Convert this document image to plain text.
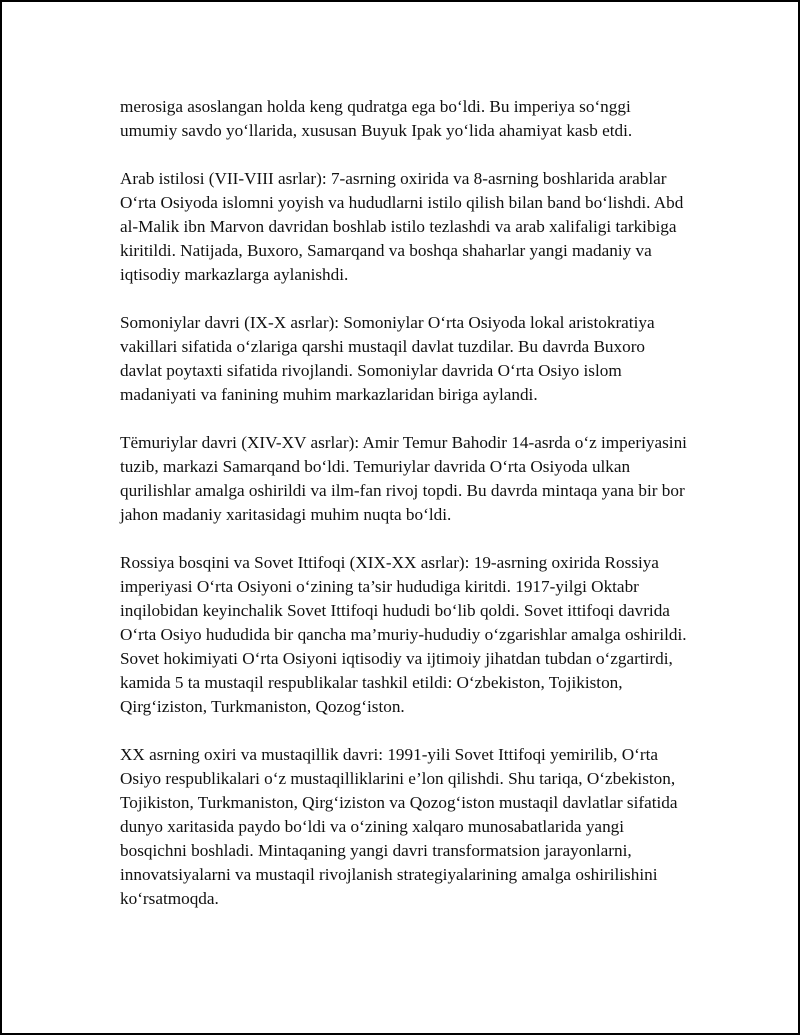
merosiga asoslangan holda keng qudratga ega bo‘ldi. Bu imperiya so‘nggi umumiy savdo yo‘llarida, xususan Buyuk Ipak yo‘lida ahamiyat kasb etdi.

Arab istilosi (VII-VIII asrlar): 7-asrning oxirida va 8-asrning boshlarida arablar O‘rta Osiyoda islomni yoyish va hududlarni istilo qilish bilan band bo‘lishdi. Abd al-Malik ibn Marvon davridan boshlab istilo tezlashdi va arab xalifaligi tarkibiga kiritildi. Natijada, Buxoro, Samarqand va boshqa shaharlar yangi madaniy va iqtisodiy markazlarga aylanishdi.

Somoniylar davri (IX-X asrlar): Somoniylar O‘rta Osiyoda lokal aristokratiya vakillari sifatida o‘zlariga qarshi mustaqil davlat tuzdilar. Bu davrda Buxoro davlat poytaxti sifatida rivojlandi. Somoniylar davrida O‘rta Osiyo islom madaniyati va fanining muhim markazlaridan biriga aylandi.

Tëmuriylar davri (XIV-XV asrlar): Amir Temur Bahodir 14-asrda o‘z imperiyasini tuzib, markazi Samarqand bo‘ldi. Temuriylar davrida O‘rta Osiyoda ulkan qurilishlar amalga oshirildi va ilm-fan rivoj topdi. Bu davrda mintaqa yana bir bor jahon madaniy xaritasidagi muhim nuqta bo‘ldi.

Rossiya bosqini va Sovet Ittifoqi (XIX-XX asrlar): 19-asrning oxirida Rossiya imperiyasi O‘rta Osiyoni o‘zining ta’sir hududiga kiritdi. 1917-yilgi Oktabr inqilobidan keyinchalik Sovet Ittifoqi hududi bo‘lib qoldi. Sovet ittifoqi davrida O‘rta Osiyo hududida bir qancha ma’muriy-hududiy o‘zgarishlar amalga oshirildi. Sovet hokimiyati O‘rta Osiyoni iqtisodiy va ijtimoiy jihatdan tubdan o‘zgartirdi, kamida 5 ta mustaqil respublikalar tashkil etildi: O‘zbekiston, Tojikiston, Qirg‘iziston, Turkmaniston, Qozog‘iston.

XX asrning oxiri va mustaqillik davri: 1991-yili Sovet Ittifoqi yemirilib, O‘rta Osiyo respublikalari o‘z mustaqilliklarini e’lon qilishdi. Shu tariqa, O‘zbekiston, Tojikiston, Turkmaniston, Qirg‘iziston va Qozog‘iston mustaqil davlatlar sifatida dunyo xaritasida paydo bo‘ldi va o‘zining xalqaro munosabatlarida yangi bosqichni boshladi. Mintaqaning yangi davri transformatsion jarayonlarni, innovatsiyalarni va mustaqil rivojlanish strategiyalarining amalga oshirilishini ko‘rsatmoqda.
